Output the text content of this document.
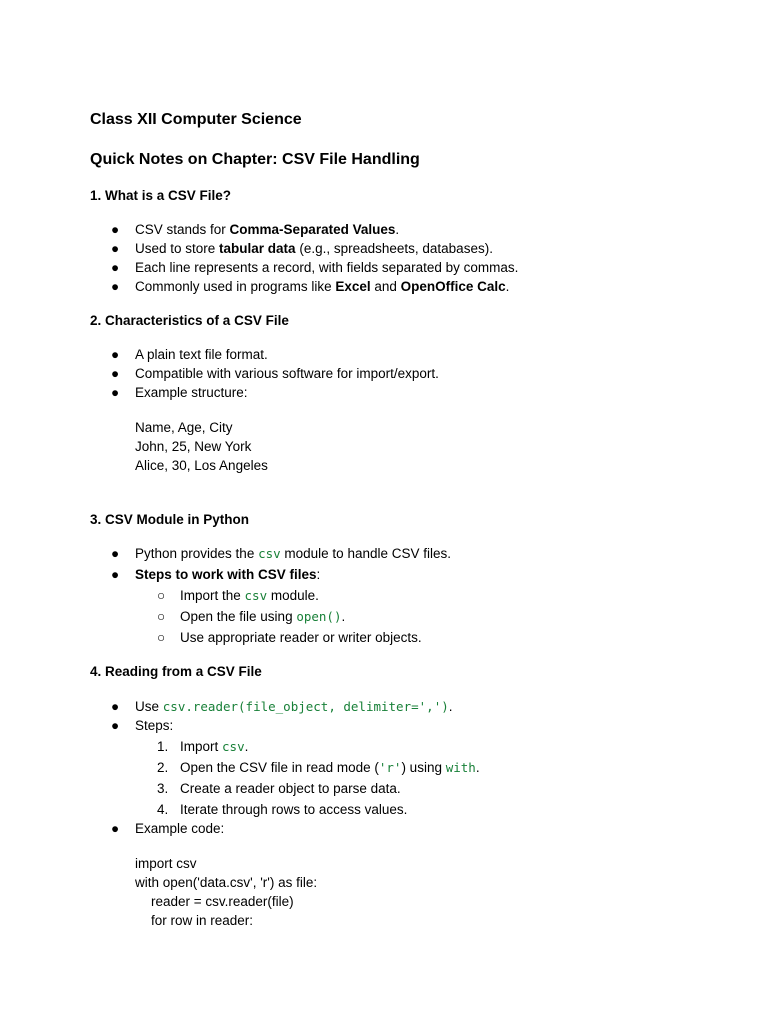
Class XII Computer Science

Quick Notes on Chapter: CSV File Handling

1. What is a CSV File?

● CSV stands for Comma-Separated Values.
● Used to store tabular data (e.g., spreadsheets, databases).
● Each line represents a record, with fields separated by commas.
● Commonly used in programs like Excel and OpenOffice Calc.

2. Characteristics of a CSV File

● A plain text file format.
● Compatible with various software for import/export.
● Example structure:
Name, Age, City
John, 25, New York
Alice, 30, Los Angeles

3. CSV Module in Python

● Python provides the csv module to handle CSV files.
● Steps to work with CSV files:
○ Import the csv module.
○ Open the file using open().
○ Use appropriate reader or writer objects.

4. Reading from a CSV File

● Use csv.reader(file_object, delimiter=',').
● Steps:
1. Import csv.
2. Open the CSV file in read mode ('r') using with.
3. Create a reader object to parse data.
4. Iterate through rows to access values.
● Example code:
import csv
with open('data.csv', 'r') as file:
reader = csv.reader(file)
for row in reader:
